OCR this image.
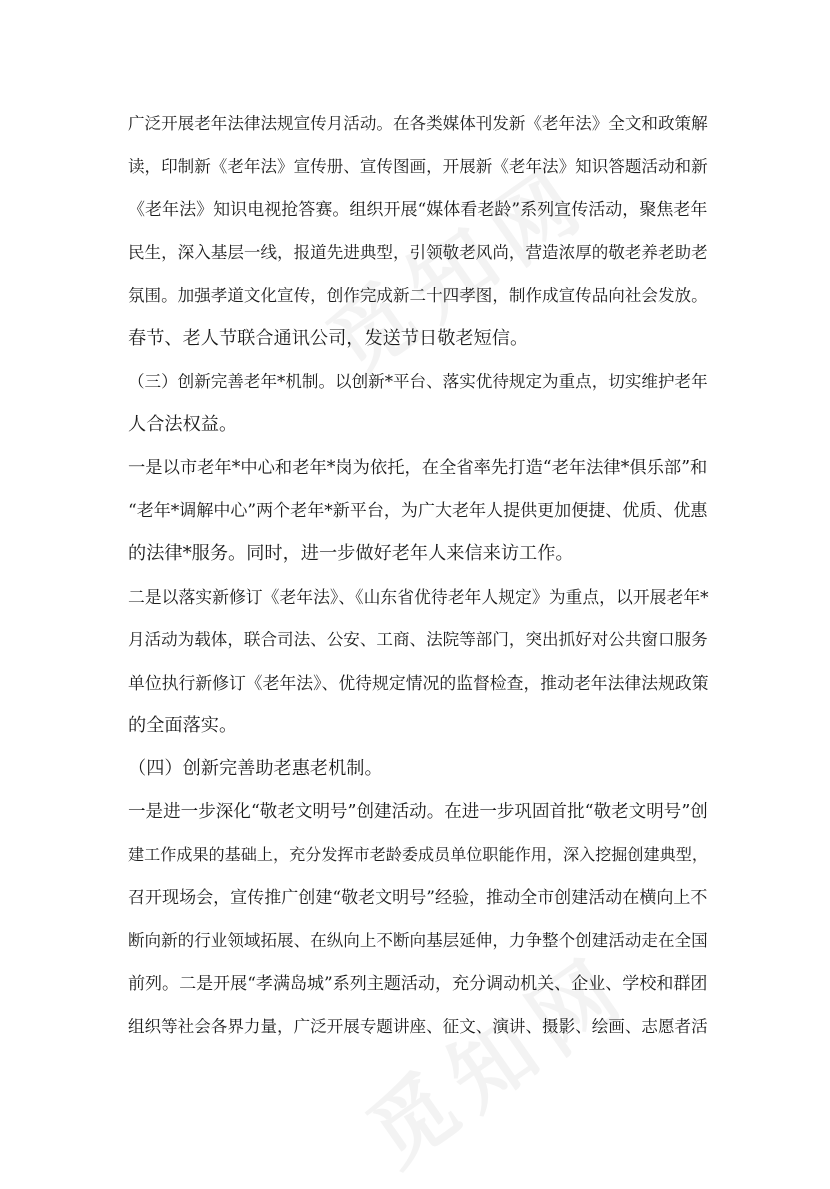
广泛开展老年法律法规宣传月活动。在各类媒体刊发新《老年法》全文和政策解
读，印制新《老年法》宣传册、宣传图画，开展新《老年法》知识答题活动和新
《老年法》知识电视抢答赛。组织开展“媒体看老龄”系列宣传活动，聚焦老年
民生，深入基层一线，报道先进典型，引领敬老风尚，营造浓厚的敬老养老助老
氛围。加强孝道文化宣传，创作完成新二十四孝图，制作成宣传品向社会发放。
春节、老人节联合通讯公司，发送节日敬老短信。
（三）创新完善老年*机制。以创新*平台、落实优待规定为重点，切实维护老年
人合法权益。
一是以市老年*中心和老年*岗为依托，在全省率先打造“老年法律*俱乐部”和
“老年*调解中心”两个老年*新平台，为广大老年人提供更加便捷、优质、优惠
的法律*服务。同时，进一步做好老年人来信来访工作。
二是以落实新修订《老年法》、《山东省优待老年人规定》为重点，以开展老年*
月活动为载体，联合司法、公安、工商、法院等部门，突出抓好对公共窗口服务
单位执行新修订《老年法》、优待规定情况的监督检查，推动老年法律法规政策
的全面落实。
（四）创新完善助老惠老机制。
一是进一步深化“敬老文明号”创建活动。在进一步巩固首批“敬老文明号”创
建工作成果的基础上，充分发挥市老龄委成员单位职能作用，深入挖掘创建典型，
召开现场会，宣传推广创建“敬老文明号”经验，推动全市创建活动在横向上不
断向新的行业领域拓展、在纵向上不断向基层延伸，力争整个创建活动走在全国
前列。二是开展“孝满岛城”系列主题活动，充分调动机关、企业、学校和群团
组织等社会各界力量，广泛开展专题讲座、征文、演讲、摄影、绘画、志愿者活
